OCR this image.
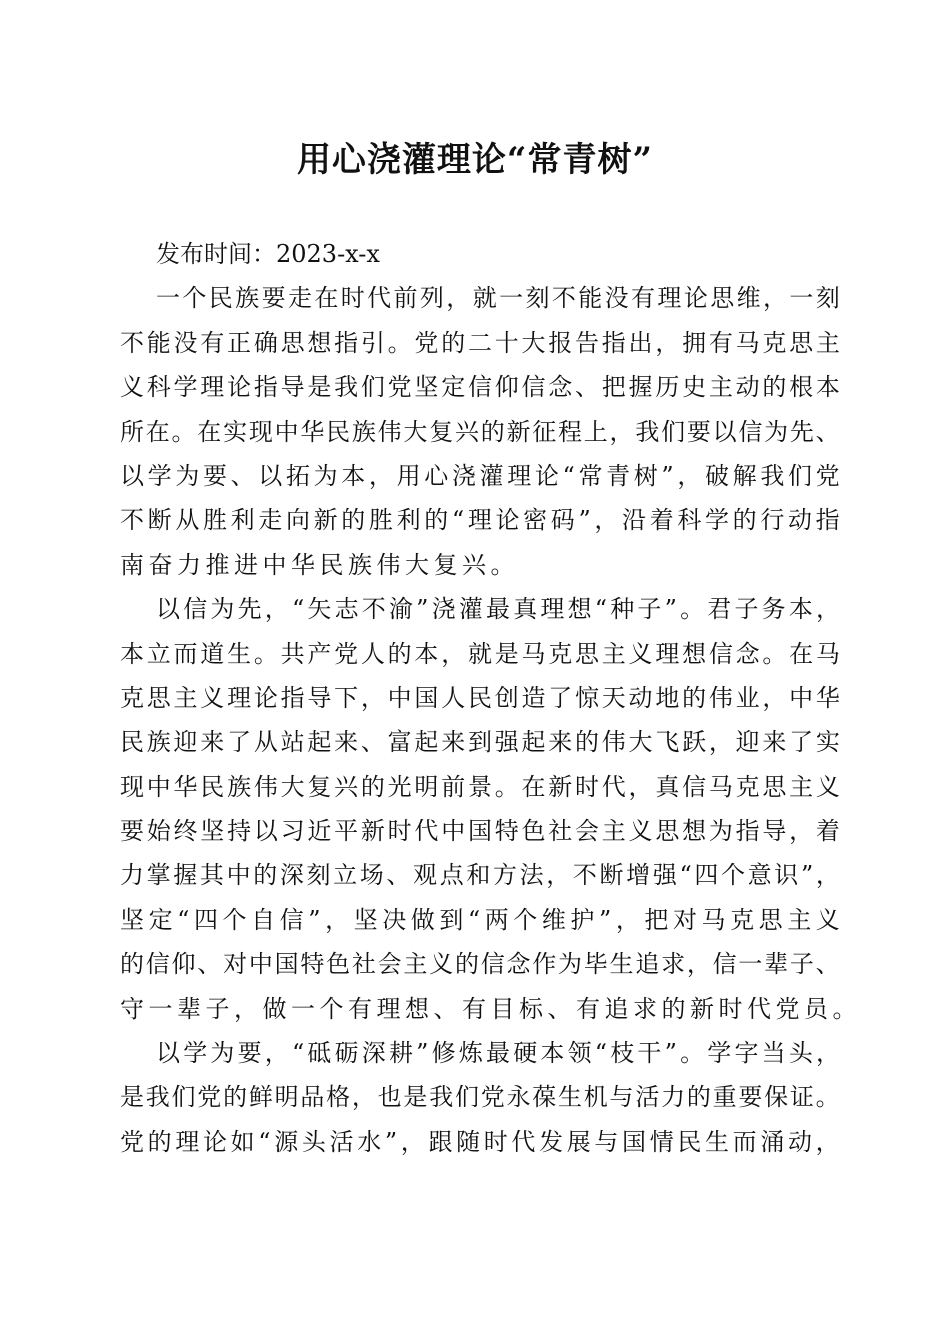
用心浇灌理论“常青树”
发布时间：2023-x-x
一 个 民 族 要 走 在 时 代 前 列 ， 就 一 刻 不 能 没 有 理 论 思 维 ， 一 刻
不 能 没 有 正 确 思 想 指 引 。 党 的 二 十 大 报 告 指 出 ， 拥 有 马 克 思 主
义 科 学 理 论 指 导 是 我 们 党 坚 定 信 仰 信 念 、 把 握 历 史 主 动 的 根 本
所 在 。 在 实 现 中 华 民 族 伟 大 复 兴 的 新 征 程 上 ， 我 们 要 以 信 为 先 、
以 学 为 要 、 以 拓 为 本 ， 用 心 浇 灌 理 论 “ 常 青 树 ” ， 破 解 我 们 党
不 断 从 胜 利 走 向 新 的 胜 利 的 “ 理 论 密 码 ” ， 沿 着 科 学 的 行 动 指
南奋力推进中华民族伟大复兴。
以 信 为 先 ， “ 矢 志 不 渝 ” 浇 灌 最 真 理 想 “ 种 子 ” 。 君 子 务 本 ，
本 立 而 道 生 。 共 产 党 人 的 本 ， 就 是 马 克 思 主 义 理 想 信 念 。 在 马
克 思 主 义 理 论 指 导 下 ， 中 国 人 民 创 造 了 惊 天 动 地 的 伟 业 ， 中 华
民 族 迎 来 了 从 站 起 来 、 富 起 来 到 强 起 来 的 伟 大 飞 跃 ， 迎 来 了 实
现 中 华 民 族 伟 大 复 兴 的 光 明 前 景 。 在 新 时 代 ， 真 信 马 克 思 主 义
要 始 终 坚 持 以 习 近 平 新 时 代 中 国 特 色 社 会 主 义 思 想 为 指 导 ， 着
力 掌 握 其 中 的 深 刻 立 场 、 观 点 和 方 法 ， 不 断 增 强 “ 四 个 意 识 ” ，
坚 定 “ 四 个 自 信 ” ， 坚 决 做 到 “ 两 个 维 护 ” ， 把 对 马 克 思 主 义
的 信 仰 、 对 中 国 特 色 社 会 主 义 的 信 念 作 为 毕 生 追 求 ， 信 一 辈 子 、
守一辈子，做一个有理想、有目标、有追求的新时代党员。
以 学 为 要 ， “ 砥 砺 深 耕 ” 修 炼 最 硬 本 领 “ 枝 干 ” 。 学 字 当 头 ，
是 我 们 党 的 鲜 明 品 格 ， 也 是 我 们 党 永 葆 生 机 与 活 力 的 重 要 保 证 。
党 的 理 论 如 “ 源 头 活 水 ” ， 跟 随 时 代 发 展 与 国 情 民 生 而 涌 动 ，
